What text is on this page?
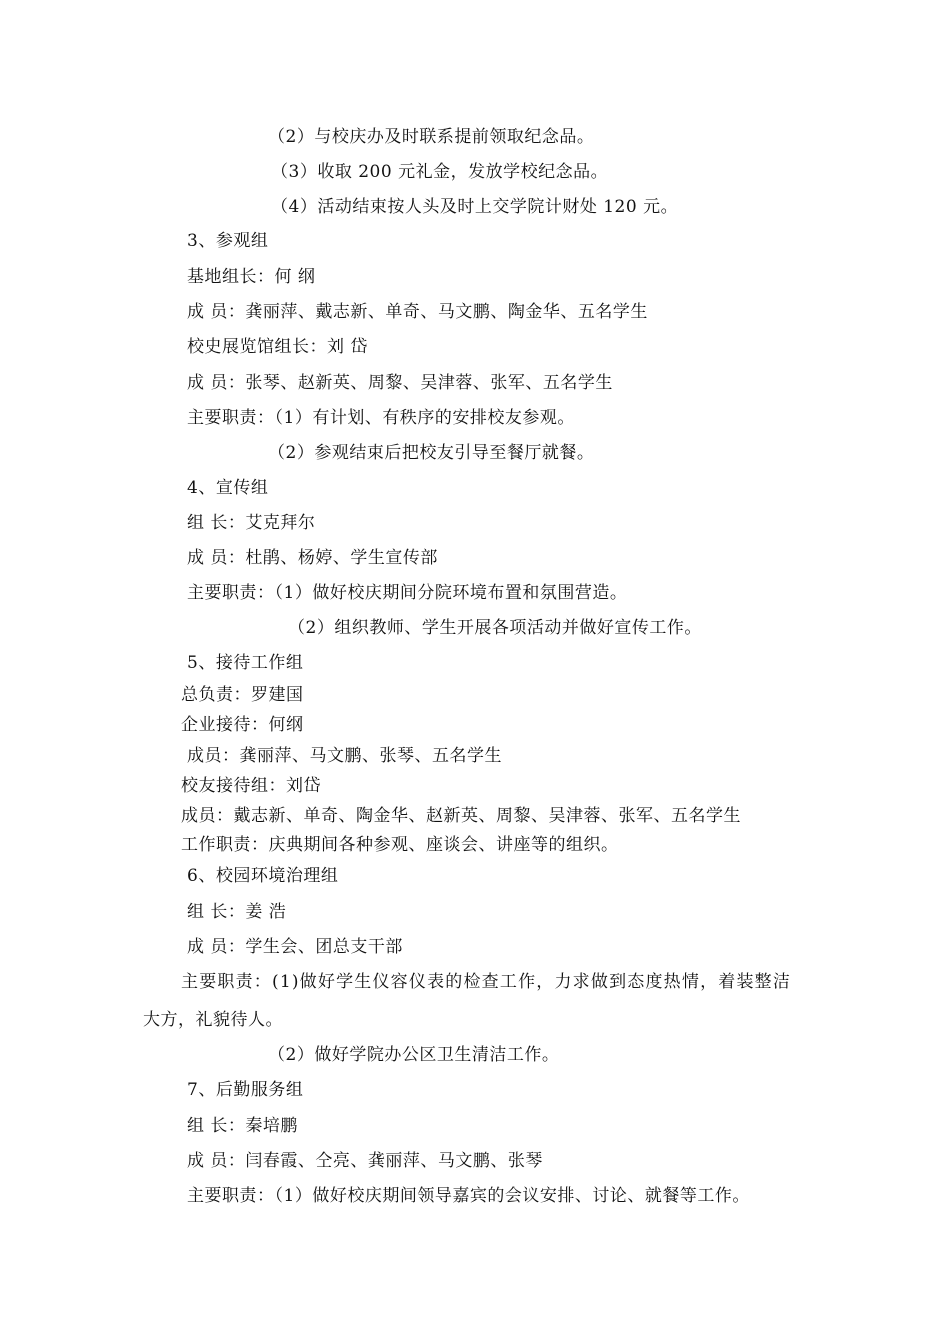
（2）与校庆办及时联系提前领取纪念品。
（3）收取 200 元礼金，发放学校纪念品。
（4）活动结束按人头及时上交学院计财处 120 元。
3、参观组
基地组长：何 纲
成 员：龚丽萍、戴志新、单奇、马文鹏、陶金华、五名学生
校史展览馆组长：刘 岱
成 员：张琴、赵新英、周黎、吴津蓉、张军、五名学生
主要职责：（1）有计划、有秩序的安排校友参观。
（2）参观结束后把校友引导至餐厅就餐。
4、宣传组
组 长：艾克拜尔
成 员：杜鹃、杨婷、学生宣传部
主要职责：（1）做好校庆期间分院环境布置和氛围营造。
（2）组织教师、学生开展各项活动并做好宣传工作。
5、接待工作组
总负责：罗建国
企业接待：何纲
成员：龚丽萍、马文鹏、张琴、五名学生
校友接待组：刘岱
成员：戴志新、单奇、陶金华、赵新英、周黎、吴津蓉、张军、五名学生
工作职责：庆典期间各种参观、座谈会、讲座等的组织。
6、校园环境治理组
组 长：姜 浩
成 员：学生会、团总支干部
主要职责：(1)做好学生仪容仪表的检查工作，力求做到态度热情，着装整洁
大方，礼貌待人。
（2）做好学院办公区卫生清洁工作。
7、后勤服务组
组 长：秦培鹏
成 员：闫春霞、仝亮、龚丽萍、马文鹏、张琴
主要职责：（1）做好校庆期间领导嘉宾的会议安排、讨论、就餐等工作。
